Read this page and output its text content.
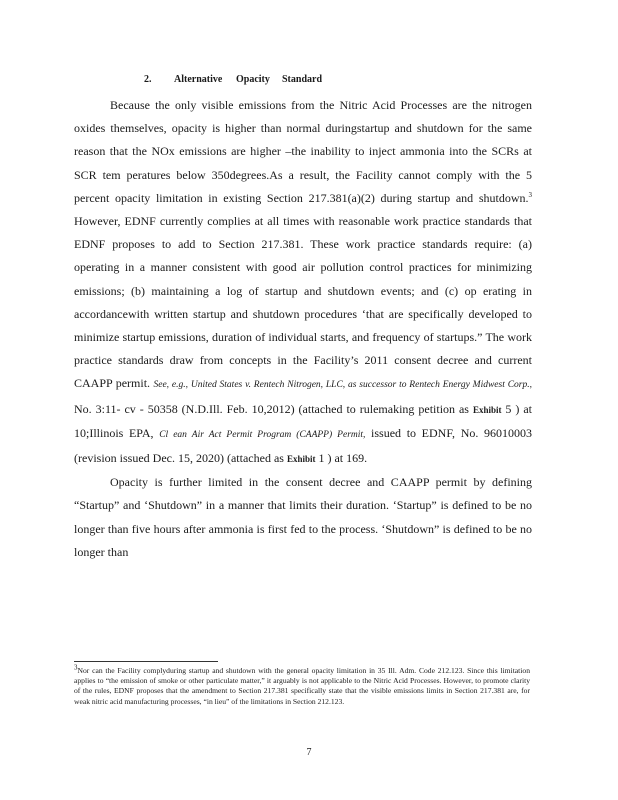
2. Alternative Opacity Standard

Because the only visible emissions from the Nitric Acid Processes are the nitrogen oxides themselves, opacity is higher than normal duringstartup and shutdown for the same reason that the NOx emissions are higher –the inability to inject ammonia into the SCRs at SCR tem peratures below 350degrees.As a result, the Facility cannot comply with the 5 percent opacity limitation in existing Section 217.381(a)(2) during startup and shutdown.$^3$ However, EDNF currently complies at all times with reasonable work practice standards that EDNF proposes to add to Section 217.381. These work practice standards require: (a) operating in a manner consistent with good air pollution control practices for minimizing emissions; (b) maintaining a log of startup and shutdown events; and (c) op erating in accordancewith written startup and shutdown procedures ‘that are specifically developed to minimize startup emissions, duration of individual starts, and frequency of startups.” The work practice standards draw from concepts in the Facility’s 2011 consent decree and current CAAPP permit. See, e.g., United States v. Rentech Nitrogen, LLC, as successor to Rentech Energy Midwest Corp., No. 3:11- cv - 50358 (N.D.Ill. Feb. 10,2012) (attached to rulemaking petition as Exhibit 5 ) at 10;Illinois EPA, Cl ean Air Act Permit Program (CAAPP) Permit, issued to EDNF, No. 96010003 (revision issued Dec. 15, 2020) (attached as Exhibit 1 ) at 169.

Opacity is further limited in the consent decree and CAAPP permit by defining “Startup” and ‘Shutdown” in a manner that limits their duration. ‘Startup” is defined to be no longer than five hours after ammonia is first fed to the process. ‘Shutdown” is defined to be no longer than

$^3$Nor can the Facility complyduring startup and shutdown with the general opacity limitation in 35 Ill. Adm. Code 212.123. Since this limitation applies to “the emission of smoke or other particulate matter,” it arguably is not applicable to the Nitric Acid Processes. However, to promote clarity of the rules, EDNF proposes that the amendment to Section 217.381 specifically state that the visible emissions limits in Section 217.381 are, for weak nitric acid manufacturing processes, “in lieu” of the limitations in Section 212.123.
7
